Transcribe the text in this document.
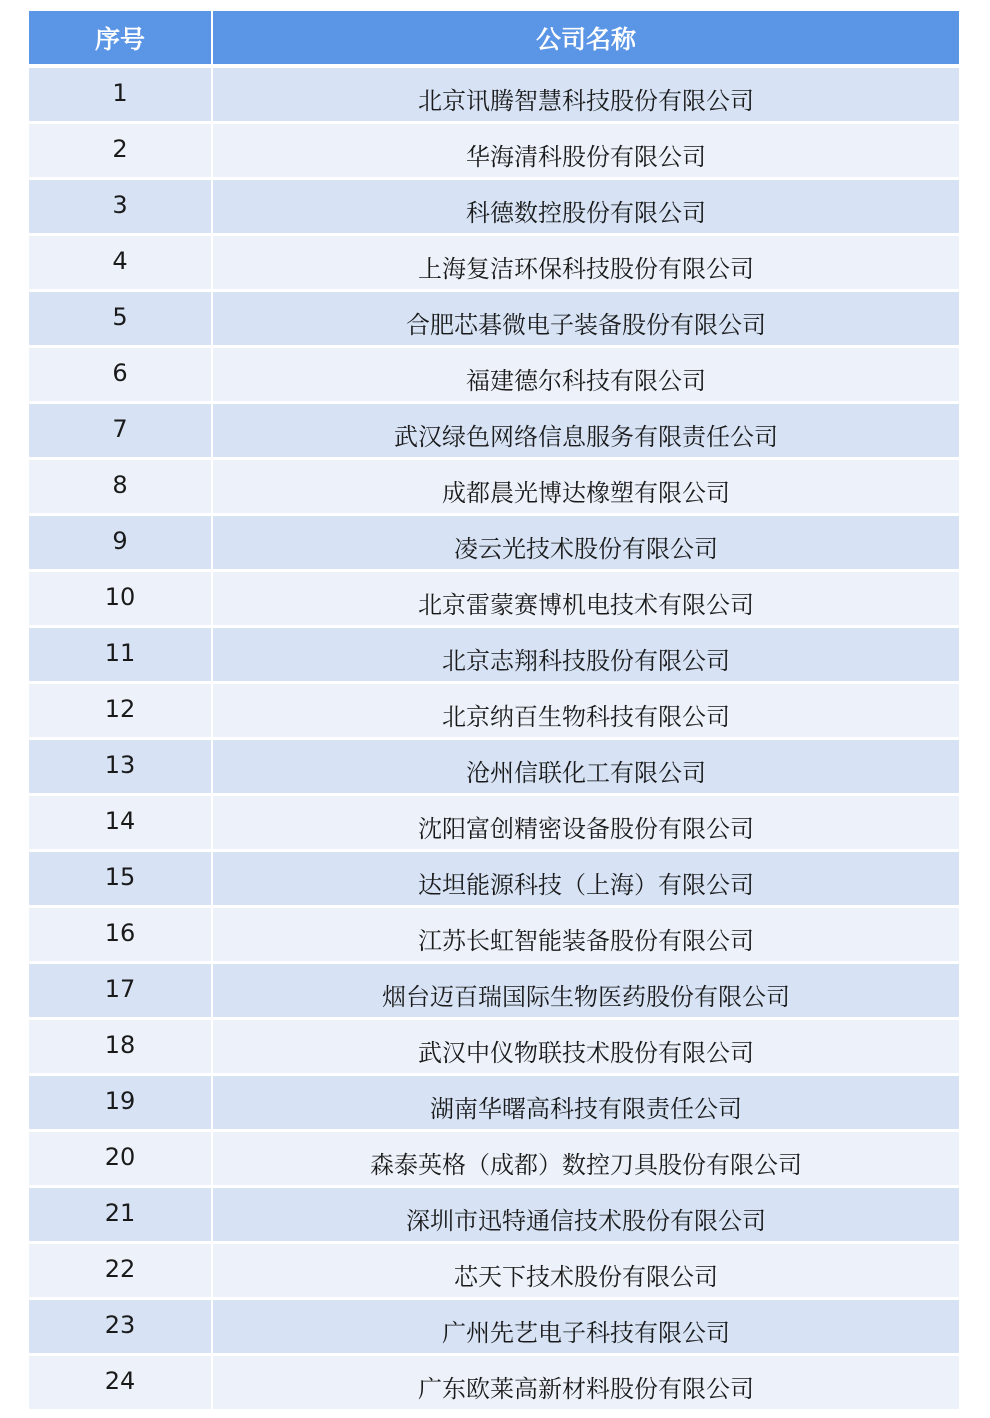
序号	公司名称
1	北京讯腾智慧科技股份有限公司
2	华海清科股份有限公司
3	科德数控股份有限公司
4	上海复洁环保科技股份有限公司
5	合肥芯碁微电子装备股份有限公司
6	福建德尔科技有限公司
7	武汉绿色网络信息服务有限责任公司
8	成都晨光博达橡塑有限公司
9	凌云光技术股份有限公司
10	北京雷蒙赛博机电技术有限公司
11	北京志翔科技股份有限公司
12	北京纳百生物科技有限公司
13	沧州信联化工有限公司
14	沈阳富创精密设备股份有限公司
15	达坦能源科技（上海）有限公司
16	江苏长虹智能装备股份有限公司
17	烟台迈百瑞国际生物医药股份有限公司
18	武汉中仪物联技术股份有限公司
19	湖南华曙高科技有限责任公司
20	森泰英格（成都）数控刀具股份有限公司
21	深圳市迅特通信技术股份有限公司
22	芯天下技术股份有限公司
23	广州先艺电子科技有限公司
24	广东欧莱高新材料股份有限公司
